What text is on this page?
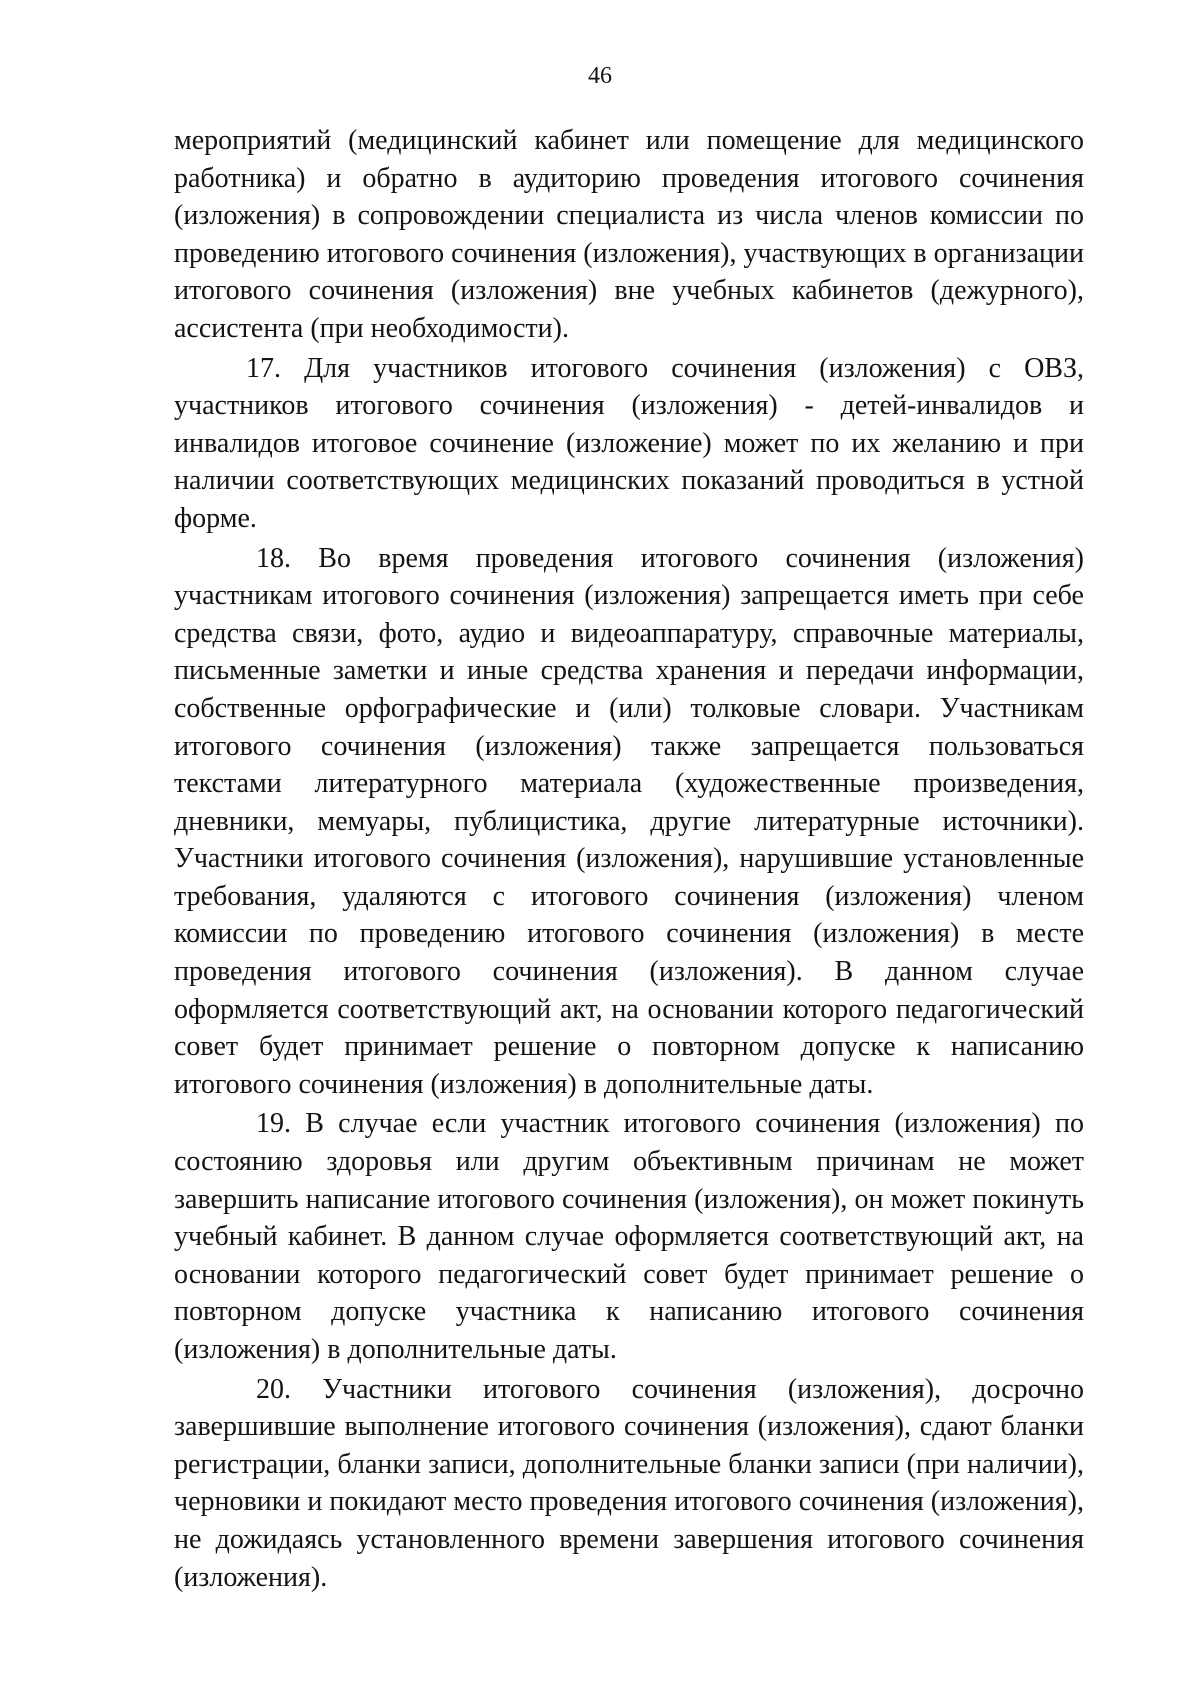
46

мероприятий (медицинский кабинет или помещение для медицинского работника) и обратно в аудиторию проведения итогового сочинения (изложения) в сопровождении специалиста из числа членов комиссии по проведению итогового сочинения (изложения), участвующих в организации итогового сочинения (изложения) вне учебных кабинетов (дежурного), ассистента (при необходимости).

17. Для участников итогового сочинения (изложения) с ОВЗ, участников итогового сочинения (изложения) - детей-инвалидов и инвалидов итоговое сочинение (изложение) может по их желанию и при наличии соответствующих медицинских показаний проводиться в устной форме.

18. Во время проведения итогового сочинения (изложения) участникам итогового сочинения (изложения) запрещается иметь при себе средства связи, фото, аудио и видеоаппаратуру, справочные материалы, письменные заметки и иные средства хранения и передачи информации, собственные орфографические и (или) толковые словари. Участникам итогового сочинения (изложения) также запрещается пользоваться текстами литературного материала (художественные произведения, дневники, мемуары, публицистика, другие литературные источники). Участники итогового сочинения (изложения), нарушившие установленные требования, удаляются с итогового сочинения (изложения) членом комиссии по проведению итогового сочинения (изложения) в месте проведения итогового сочинения (изложения). В данном случае оформляется соответствующий акт, на основании которого педагогический совет будет принимает решение о повторном допуске к написанию итогового сочинения (изложения) в дополнительные даты.

19. В случае если участник итогового сочинения (изложения) по состоянию здоровья или другим объективным причинам не может завершить написание итогового сочинения (изложения), он может покинуть учебный кабинет. В данном случае оформляется соответствующий акт, на основании которого педагогический совет будет принимает решение о повторном допуске участника к написанию итогового сочинения (изложения) в дополнительные даты.

20. Участники итогового сочинения (изложения), досрочно завершившие выполнение итогового сочинения (изложения), сдают бланки регистрации, бланки записи, дополнительные бланки записи (при наличии), черновики и покидают место проведения итогового сочинения (изложения), не дожидаясь установленного времени завершения итогового сочинения (изложения).
